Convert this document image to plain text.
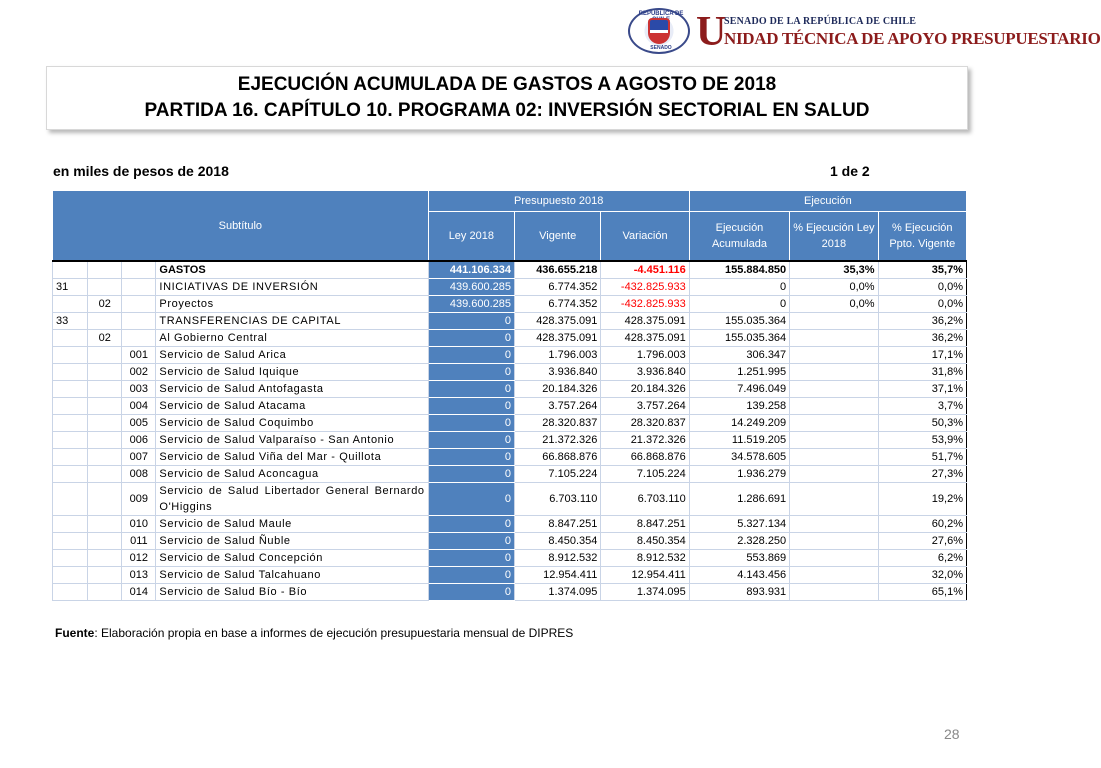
REPÚBLICA DE
SENADO U
SENADO DE LA REPÚBLICA DE CHILE
NIDAD TÉCNICA DE APOYO PRESUPUESTARIO
EJECUCIÓN ACUMULADA DE GASTOS A AGOSTO DE 2018
PARTIDA 16. CAPÍTULO 10. PROGRAMA 02: INVERSIÓN SECTORIAL EN SALUD
en miles de pesos de 2018	1 de 2
Subtítulo				Presupuesto 2018			Ejecución		
				Ley 2018	Vigente	Variación	Ejecución Acumulada	% Ejecución Ley 2018	% Ejecución Ppto. Vigente
			GASTOS	441.106.334	436.655.218	-4.451.116	155.884.850	35,3%	35,7%
31			INICIATIVAS DE INVERSIÓN	439.600.285	6.774.352	-432.825.933	0	0,0%	0,0%
	02		Proyectos	439.600.285	6.774.352	-432.825.933	0	0,0%	0,0%
33			TRANSFERENCIAS DE CAPITAL	0	428.375.091	428.375.091	155.035.364		36,2%
	02		Al Gobierno Central	0	428.375.091	428.375.091	155.035.364		36,2%
		001	Servicio de Salud Arica	0	1.796.003	1.796.003	306.347		17,1%
		002	Servicio de Salud Iquique	0	3.936.840	3.936.840	1.251.995		31,8%
		003	Servicio de Salud Antofagasta	0	20.184.326	20.184.326	7.496.049		37,1%
		004	Servicio de Salud Atacama	0	3.757.264	3.757.264	139.258		3,7%
		005	Servicio de Salud Coquimbo	0	28.320.837	28.320.837	14.249.209		50,3%
		006	Servicio de Salud Valparaíso - San Antonio	0	21.372.326	21.372.326	11.519.205		53,9%
		007	Servicio de Salud Viña del Mar - Quillota	0	66.868.876	66.868.876	34.578.605		51,7%
		008	Servicio de Salud Aconcagua	0	7.105.224	7.105.224	1.936.279		27,3%
		009	Servicio de Salud Libertador General Bernardo O'Higgins	0	6.703.110	6.703.110	1.286.691		19,2%
		010	Servicio de Salud Maule	0	8.847.251	8.847.251	5.327.134		60,2%
		011	Servicio de Salud Ñuble	0	8.450.354	8.450.354	2.328.250		27,6%
		012	Servicio de Salud Concepción	0	8.912.532	8.912.532	553.869		6,2%
		013	Servicio de Salud Talcahuano	0	12.954.411	12.954.411	4.143.456		32,0%
		014	Servicio de Salud Bío - Bío	0	1.374.095	1.374.095	893.931		65,1%
Fuente: Elaboración propia en base a informes de ejecución presupuestaria mensual de DIPRES
28
